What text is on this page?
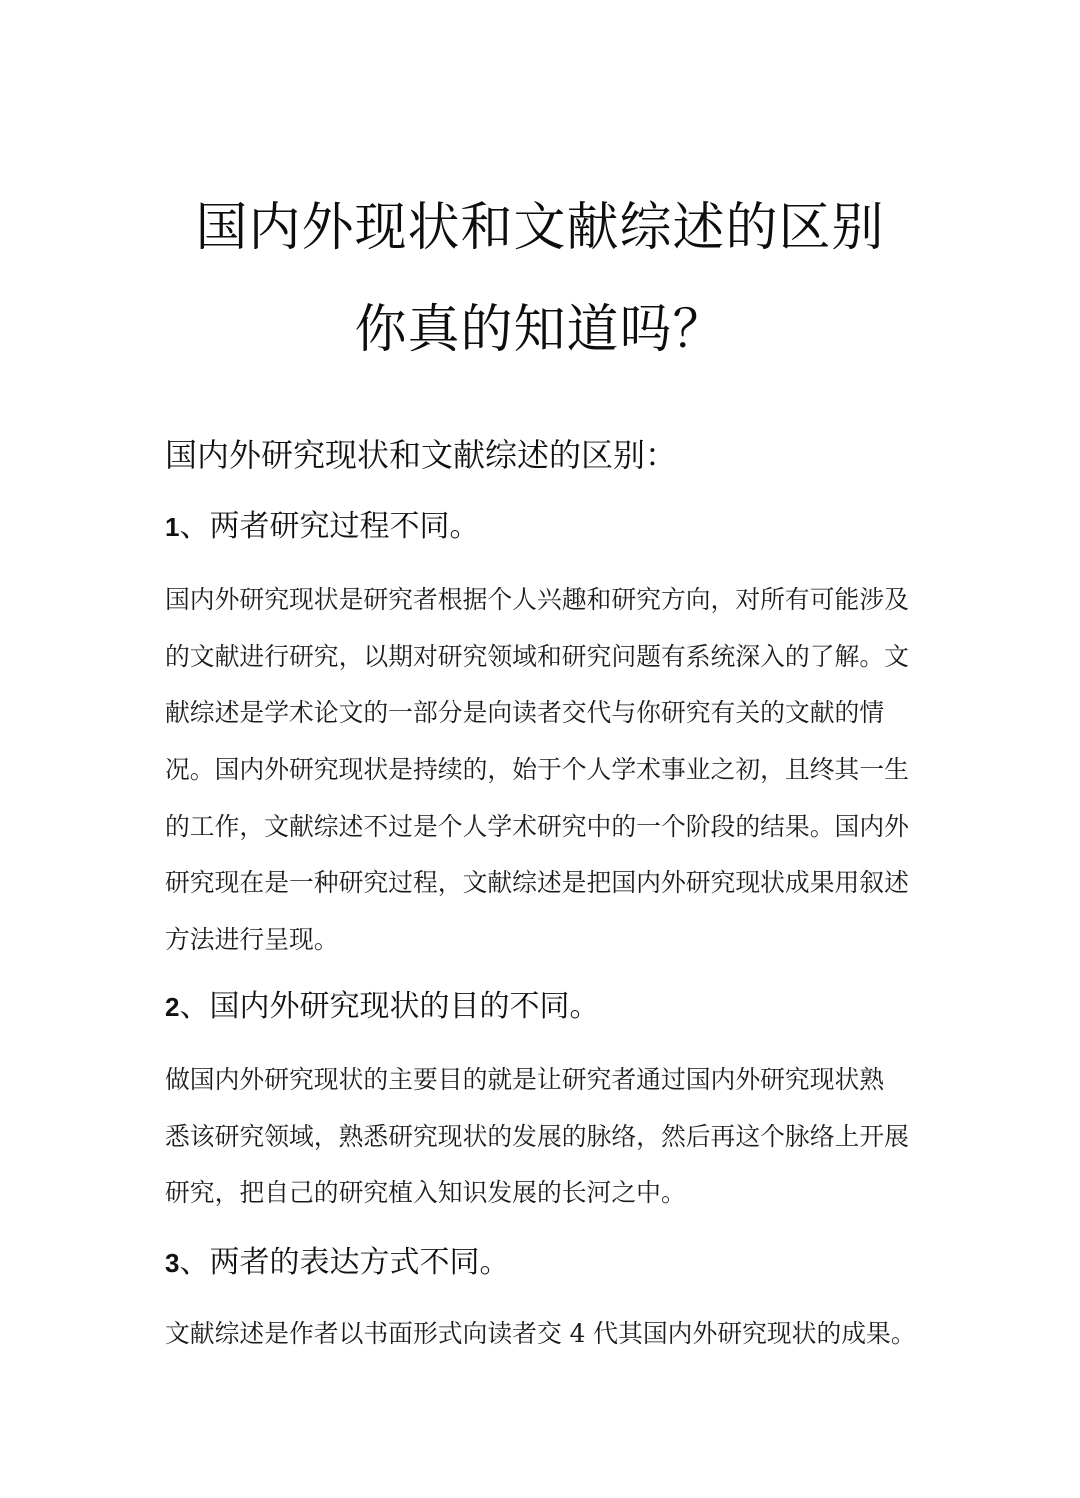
国内外现状和文献综述的区别
你真的知道吗？
国内外研究现状和文献综述的区别：
1、两者研究过程不同。
国内外研究现状是研究者根据个人兴趣和研究方向，对所有可能涉及
的文献进行研究，以期对研究领域和研究问题有系统深入的了解。文
献综述是学术论文的一部分是向读者交代与你研究有关的文献的情
况。国内外研究现状是持续的，始于个人学术事业之初，且终其一生
的工作，文献综述不过是个人学术研究中的一个阶段的结果。国内外
研究现在是一种研究过程，文献综述是把国内外研究现状成果用叙述
方法进行呈现。
2、国内外研究现状的目的不同。
做国内外研究现状的主要目的就是让研究者通过国内外研究现状熟
悉该研究领域，熟悉研究现状的发展的脉络，然后再这个脉络上开展
研究，把自己的研究植入知识发展的长河之中。
3、两者的表达方式不同。
文献综述是作者以书面形式向读者交 4 代其国内外研究现状的成果。
